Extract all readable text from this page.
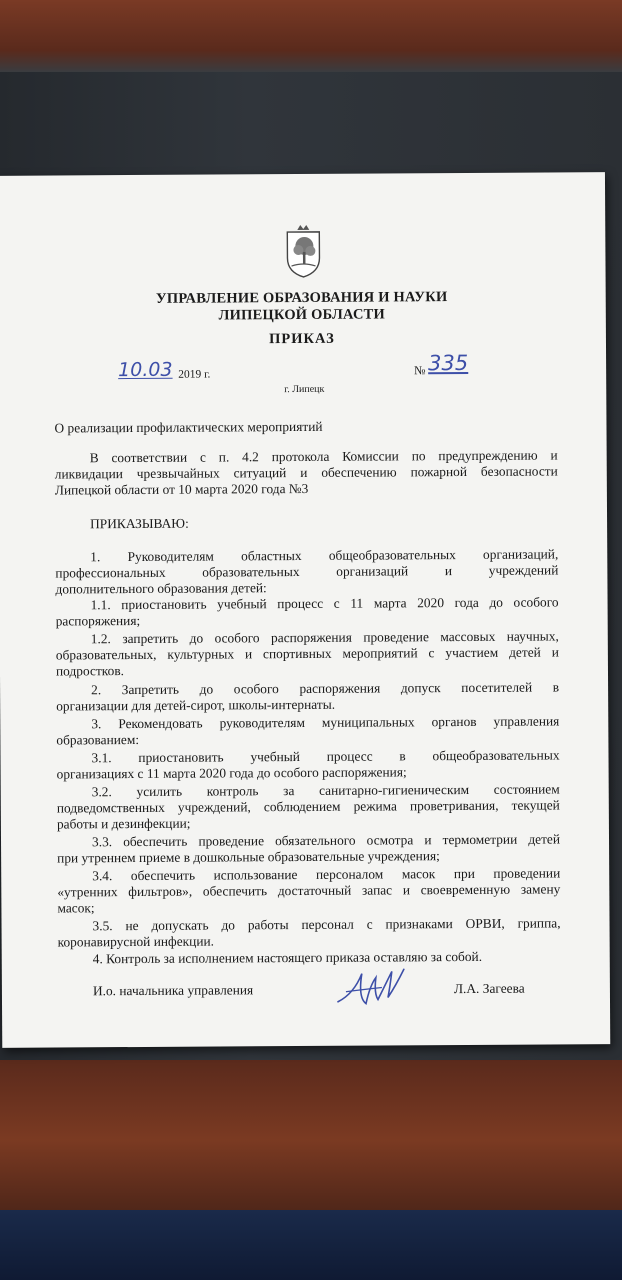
УПРАВЛЕНИЕ ОБРАЗОВАНИЯ И НАУКИ
ЛИПЕЦКОЙ ОБЛАСТИ
ПРИКАЗ
10.03 2019 г.	№ 335
г. Липецк
О реализации профилактических мероприятий
В соответствии с п. 4.2 протокола Комиссии по предупреждению и
ликвидации чрезвычайных ситуаций и обеспечению пожарной безопасности
Липецкой области от 10 марта 2020 года №3
ПРИКАЗЫВАЮ:
1. Руководителям областных общеобразовательных организаций,
профессиональных образовательных организаций и учреждений
дополнительного образования детей:
1.1. приостановить учебный процесс с 11 марта 2020 года до особого
распоряжения;
1.2. запретить до особого распоряжения проведение массовых научных,
образовательных, культурных и спортивных мероприятий с участием детей и
подростков.
2. Запретить до особого распоряжения допуск посетителей в
организации для детей-сирот, школы-интернаты.
3. Рекомендовать руководителям муниципальных органов управления
образованием:
3.1. приостановить учебный процесс в общеобразовательных
организациях с 11 марта 2020 года до особого распоряжения;
3.2. усилить контроль за санитарно-гигиеническим состоянием
подведомственных учреждений, соблюдением режима проветривания, текущей
работы и дезинфекции;
3.3. обеспечить проведение обязательного осмотра и термометрии детей
при утреннем приеме в дошкольные образовательные учреждения;
3.4. обеспечить использование персоналом масок при проведении
«утренних фильтров», обеспечить достаточный запас и своевременную замену
масок;
3.5. не допускать до работы персонал с признаками ОРВИ, гриппа,
коронавирусной инфекции.
4. Контроль за исполнением настоящего приказа оставляю за собой.
И.о. начальника управления	Л.А. Загеева
